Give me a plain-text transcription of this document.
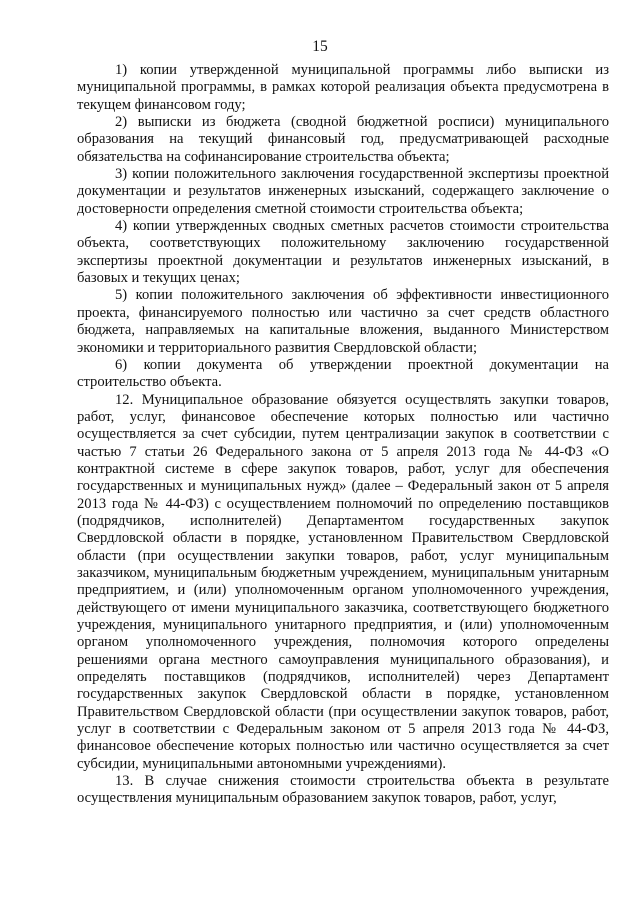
15

1) копии утвержденной муниципальной программы либо выписки из муниципальной программы, в рамках которой реализация объекта предусмотрена в текущем финансовом году;

2) выписки из бюджета (сводной бюджетной росписи) муниципального образования на текущий финансовый год, предусматривающей расходные обязательства на софинансирование строительства объекта;

3) копии положительного заключения государственной экспертизы проектной документации и результатов инженерных изысканий, содержащего заключение о достоверности определения сметной стоимости строительства объекта;

4) копии утвержденных сводных сметных расчетов стоимости строительства объекта, соответствующих положительному заключению государственной экспертизы проектной документации и результатов инженерных изысканий, в базовых и текущих ценах;

5) копии положительного заключения об эффективности инвестиционного проекта, финансируемого полностью или частично за счет средств областного бюджета, направляемых на капитальные вложения, выданного Министерством экономики и территориального развития Свердловской области;

6) копии документа об утверждении проектной документации на строительство объекта.

12. Муниципальное образование обязуется осуществлять закупки товаров, работ, услуг, финансовое обеспечение которых полностью или частично осуществляется за счет субсидии, путем централизации закупок в соответствии с частью 7 статьи 26 Федерального закона от 5 апреля 2013 года № 44-ФЗ «О контрактной системе в сфере закупок товаров, работ, услуг для обеспечения государственных и муниципальных нужд» (далее – Федеральный закон от 5 апреля 2013 года № 44-ФЗ) с осуществлением полномочий по определению поставщиков (подрядчиков, исполнителей) Департаментом государственных закупок Свердловской области в порядке, установленном Правительством Свердловской области (при осуществлении закупки товаров, работ, услуг муниципальным заказчиком, муниципальным бюджетным учреждением, муниципальным унитарным предприятием, и (или) уполномоченным органом уполномоченного учреждения, действующего от имени муниципального заказчика, соответствующего бюджетного учреждения, муниципального унитарного предприятия, и (или) уполномоченным органом уполномоченного учреждения, полномочия которого определены решениями органа местного самоуправления муниципального образования), и определять поставщиков (подрядчиков, исполнителей) через Департамент государственных закупок Свердловской области в порядке, установленном Правительством Свердловской области (при осуществлении закупок товаров, работ, услуг в соответствии с Федеральным законом от 5 апреля 2013 года № 44-ФЗ, финансовое обеспечение которых полностью или частично осуществляется за счет субсидии, муниципальными автономными учреждениями).

13. В случае снижения стоимости строительства объекта в результате осуществления муниципальным образованием закупок товаров, работ, услуг,
